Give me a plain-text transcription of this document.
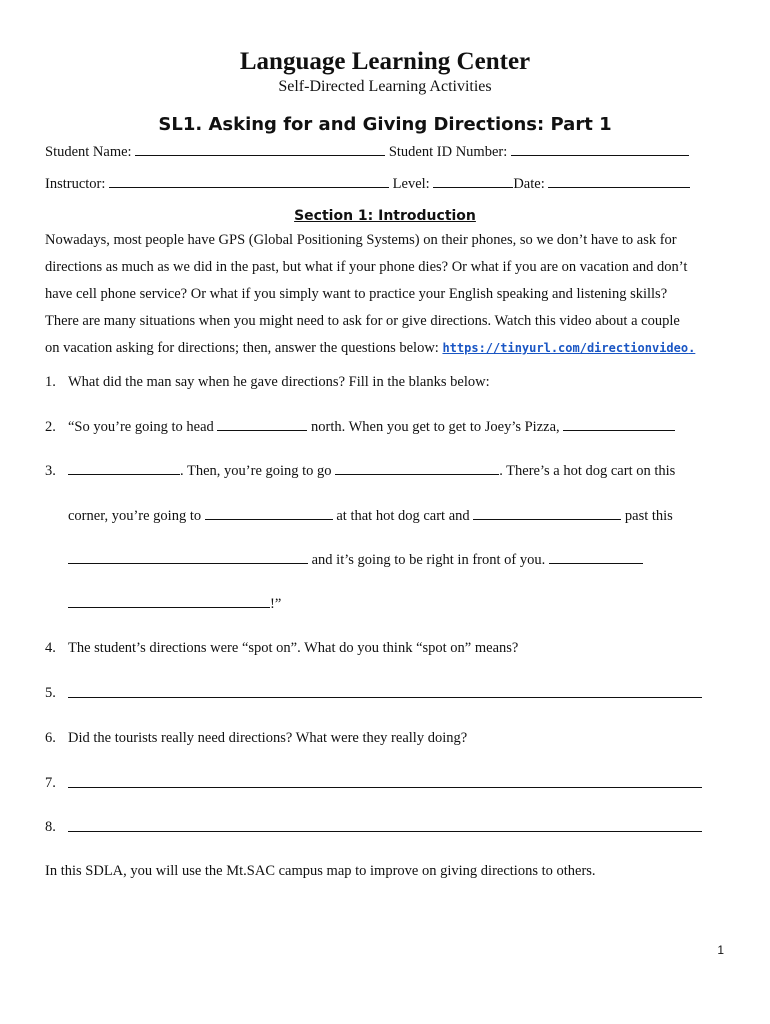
Language Learning Center
Self-Directed Learning Activities
SL1. Asking for and Giving Directions: Part 1
Student Name:	Student ID Number:
Instructor:	Level:	Date:
Section 1: Introduction
Nowadays, most people have GPS (Global Positioning Systems) on their phones, so we don’t have to ask for
directions as much as we did in the past, but what if your phone dies? Or what if you are on vacation and don’t
have cell phone service? Or what if you simply want to practice your English speaking and listening skills?
There are many situations when you might need to ask for or give directions. Watch this video about a couple
on vacation asking for directions; then, answer the questions below: https://tinyurl.com/directionvideo.
1. What did the man say when he gave directions? Fill in the blanks below:
2. “So you’re going to head	north. When you get to get to Joey’s Pizza,
3.	. Then, you’re going to go	. There’s a hot dog cart on this
corner, you’re going to	at that hot dog cart and	past this
and it’s going to be right in front of you.
!”
4. The student’s directions were “spot on”. What do you think “spot on” means?
5.
6. Did the tourists really need directions? What were they really doing?
7.
8.
In this SDLA, you will use the Mt.SAC campus map to improve on giving directions to others.
1
